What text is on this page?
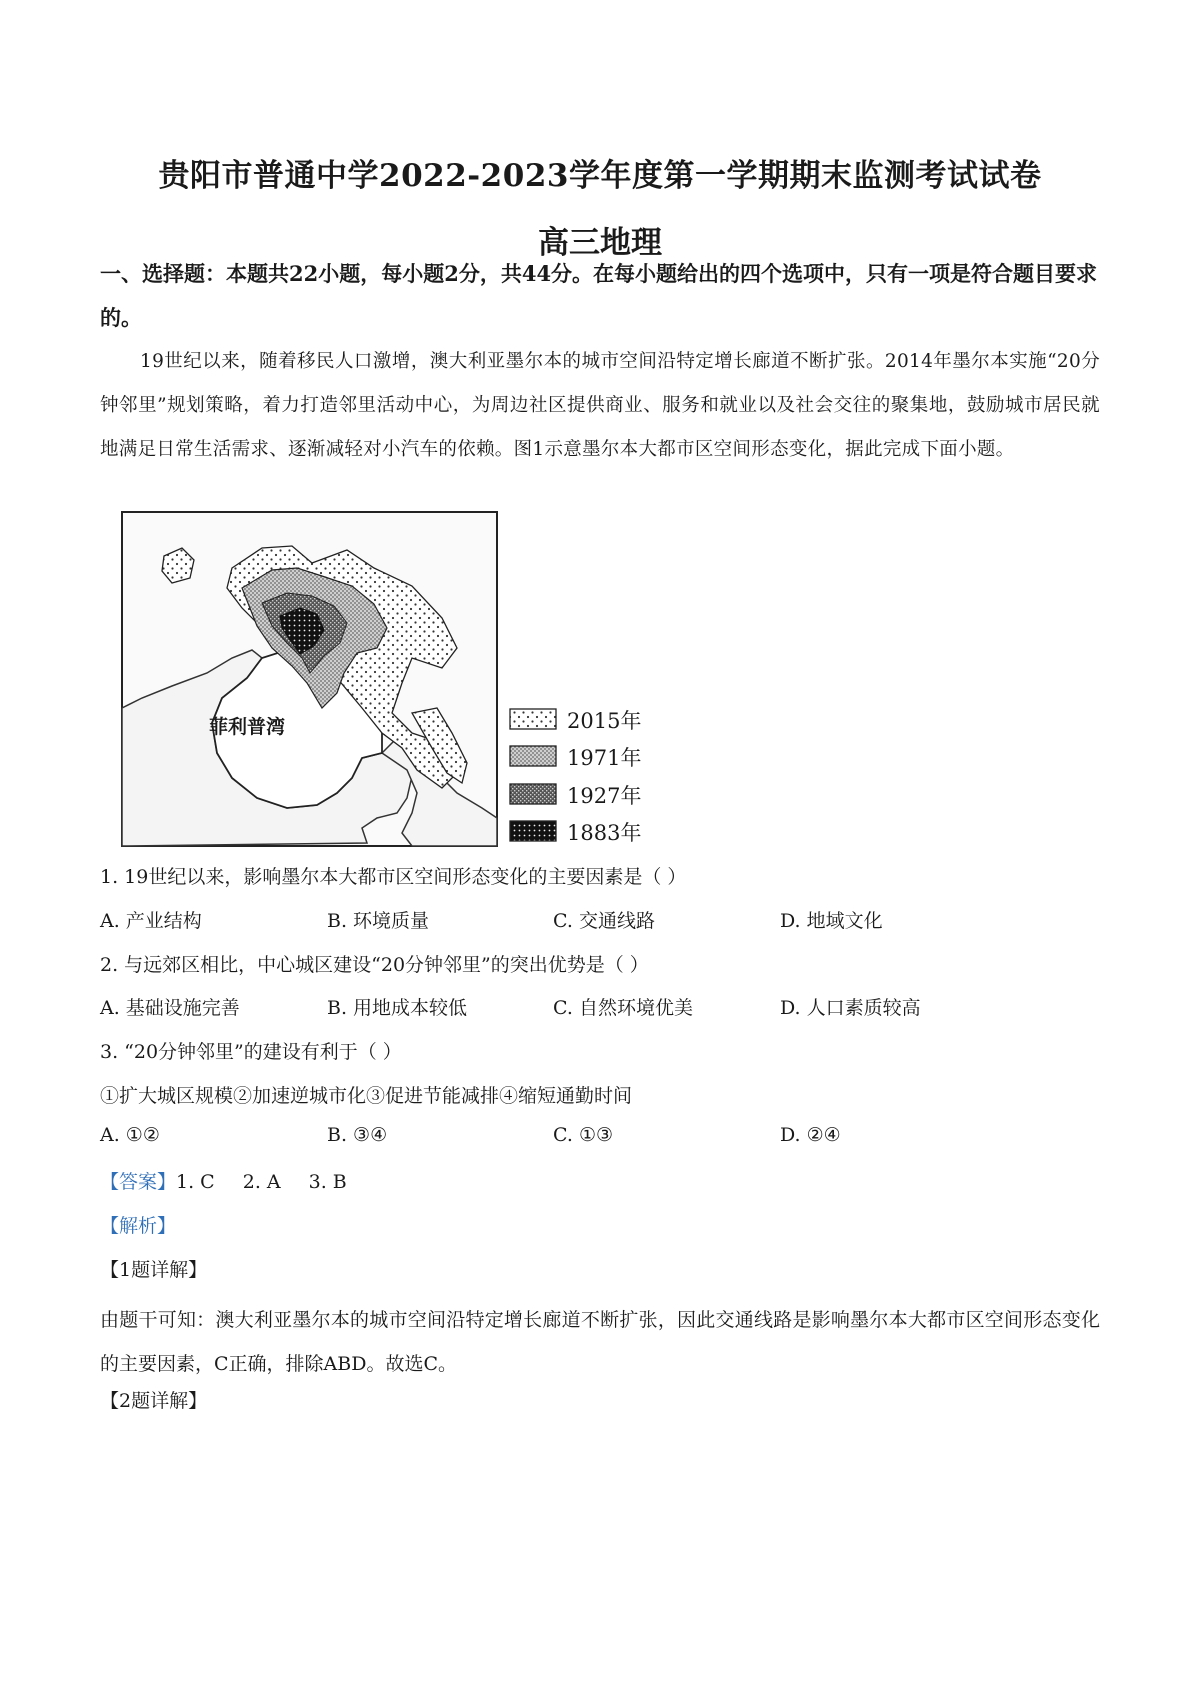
贵阳市普通中学2022-2023学年度第一学期期末监测考试试卷
高三地理
一、选择题：本题共22小题，每小题2分，共44分。在每小题给出的四个选项中，只有一项是符合题目要求的。
19世纪以来，随着移民人口激增，澳大利亚墨尔本的城市空间沿特定增长廊道不断扩张。2014年墨尔本实施“20分钟邻里”规划策略，着力打造邻里活动中心，为周边社区提供商业、服务和就业以及社会交往的聚集地，鼓励城市居民就地满足日常生活需求、逐渐减轻对小汽车的依赖。图1示意墨尔本大都市区空间形态变化，据此完成下面小题。
菲利普湾	2015年
1971年
1927年
1883年
1. 19世纪以来，影响墨尔本大都市区空间形态变化的主要因素是（ ）
A. 产业结构	B. 环境质量	C. 交通线路	D. 地域文化
2. 与远郊区相比，中心城区建设“20分钟邻里”的突出优势是（ ）
A. 基础设施完善	B. 用地成本较低	C. 自然环境优美	D. 人口素质较高
3. “20分钟邻里”的建设有利于（ ）
①扩大城区规模②加速逆城市化③促进节能减排④缩短通勤时间
A. ①②	B. ③④	C. ①③	D. ②④
【答案】1. C 2. A 3. B
【解析】
【1题详解】
由题干可知：澳大利亚墨尔本的城市空间沿特定增长廊道不断扩张，因此交通线路是影响墨尔本大都市区空间形态变化的主要因素，C正确，排除ABD。故选C。
【2题详解】
